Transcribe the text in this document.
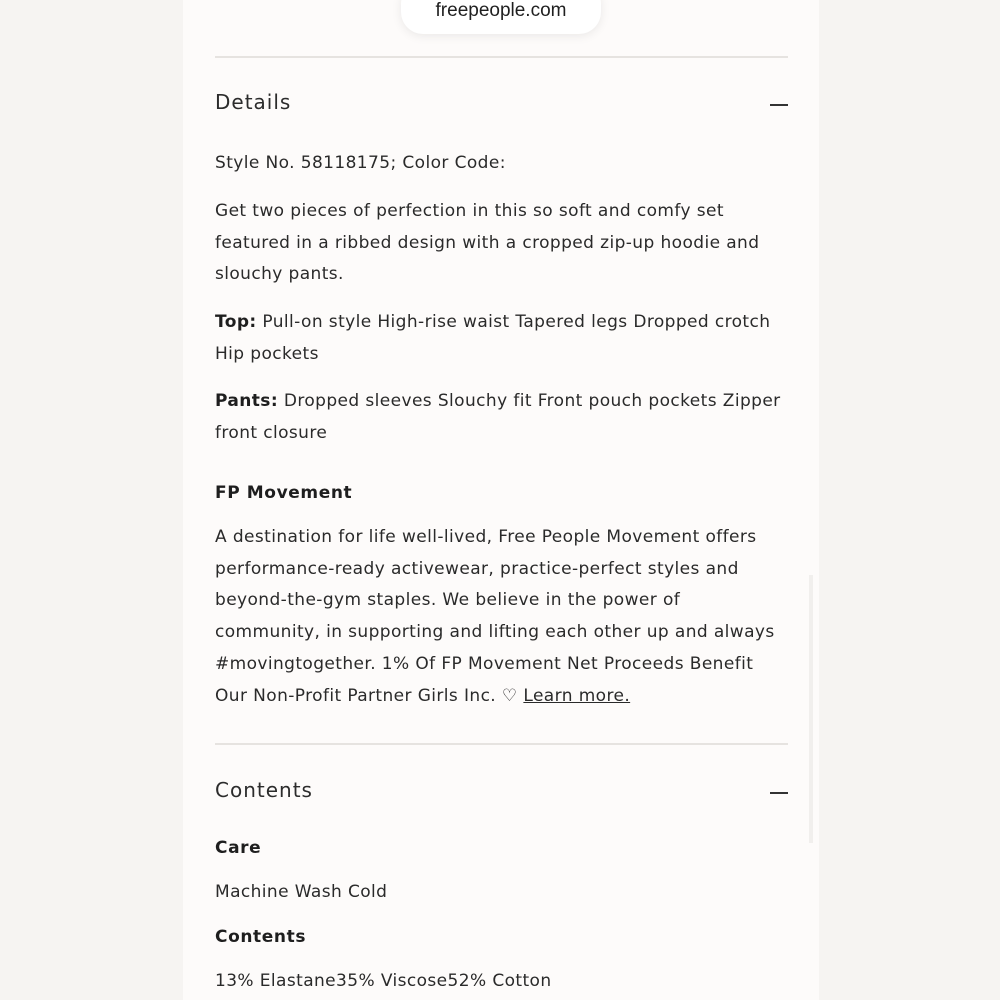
Details
Style No. 58118175; Color Code:
Get two pieces of perfection in this so soft and comfy set featured in a ribbed design with a cropped zip-up hoodie and slouchy pants.
Top: Pull-on style High-rise waist Tapered legs Dropped crotch Hip pockets
Pants: Dropped sleeves Slouchy fit Front pouch pockets Zipper front closure
FP Movement
A destination for life well-lived, Free People Movement offers performance-ready activewear, practice-perfect styles and beyond-the-gym staples. We believe in the power of community, in supporting and lifting each other up and always #movingtogether. 1% Of FP Movement Net Proceeds Benefit Our Non-Profit Partner Girls Inc. ♡ Learn more.
Contents
Care
Machine Wash Cold
Contents
13% Elastane35% Viscose52% Cotton
freepeople.com
